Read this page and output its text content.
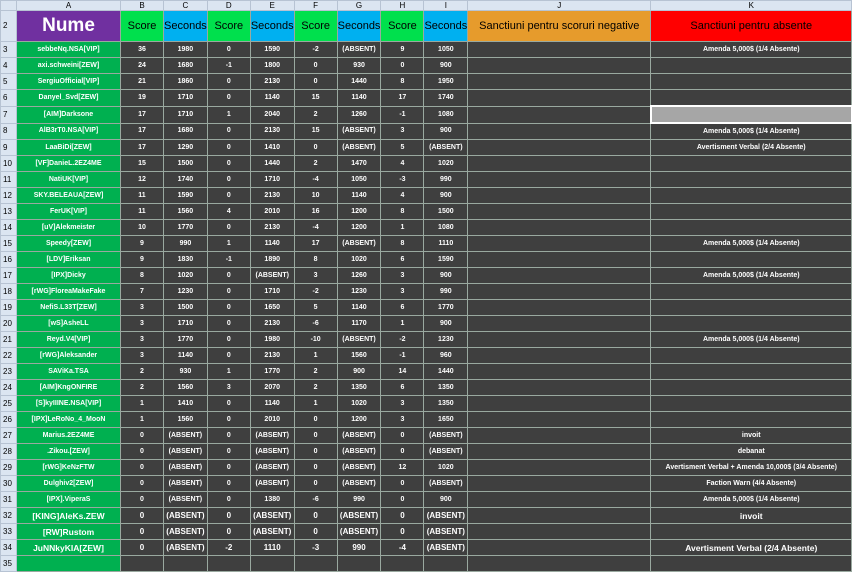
	A	B	C	D	E	F	G	H	I	J	K
2	Nume	Score	Seconds	Score	Seconds	Score	Seconds	Score	Seconds	Sanctiuni pentru scoruri negative	Sanctiuni pentru absente
3	sebbeNq.NSA[VIP]	36	1980	0	1590	-2	(ABSENT)	9	1050		Amenda 5,000$ (1/4 Absente)
4	axi.schweini[ZEW]	24	1680	-1	1800	0	930	0	900		
5	SergiuOfficial[VIP]	21	1860	0	2130	0	1440	8	1950		
6	Danyel_Svd[ZEW]	19	1710	0	1140	15	1140	17	1740		
7	[AIM]Darksone	17	1710	1	2040	2	1260	-1	1080		
8	AlB3rT0.NSA[VIP]	17	1680	0	2130	15	(ABSENT)	3	900		Amenda 5,000$ (1/4 Absente)
9	LaaBiDi[ZEW]	17	1290	0	1410	0	(ABSENT)	5	(ABSENT)		Avertisment Verbal (2/4 Absente)
10	[VF]DanieL.2EZ4ME	15	1500	0	1440	2	1470	4	1020		
11	NatiUK[VIP]	12	1740	0	1710	-4	1050	-3	990		
12	SKY.BELEAUA[ZEW]	11	1590	0	2130	10	1140	4	900		
13	FerUK[VIP]	11	1560	4	2010	16	1200	8	1500		
14	[uV]Alekmeister	10	1770	0	2130	-4	1200	1	1080		
15	Speedy[ZEW]	9	990	1	1140	17	(ABSENT)	8	1110		Amenda 5,000$ (1/4 Absente)
16	[LDV]Eriksan	9	1830	-1	1890	8	1020	6	1590		
17	[IPX]Dicky	8	1020	0	(ABSENT)	3	1260	3	900		Amenda 5,000$ (1/4 Absente)
18	[rWG]FloreaMakeFake	7	1230	0	1710	-2	1230	3	990		
19	NefiS.L33T[ZEW]	3	1500	0	1650	5	1140	6	1770		
20	[wS]AsheLL	3	1710	0	2130	-6	1170	1	900		
21	Reyd.V4[VIP]	3	1770	0	1980	-10	(ABSENT)	-2	1230		Amenda 5,000$ (1/4 Absente)
22	[rWG]Aleksander	3	1140	0	2130	1	1560	-1	960		
23	SAViKa.TSA	2	930	1	1770	2	900	14	1440		
24	[AIM]KngONFIRE	2	1560	3	2070	2	1350	6	1350		
25	[S]kyIIINE.NSA[VIP]	1	1410	0	1140	1	1020	3	1350		
26	[IPX]LeRoNo_4_MooN	1	1560	0	2010	0	1200	3	1650		
27	Marius.2EZ4ME	0	(ABSENT)	0	(ABSENT)	0	(ABSENT)	0	(ABSENT)		invoit
28	.Zikou.[ZEW]	0	(ABSENT)	0	(ABSENT)	0	(ABSENT)	0	(ABSENT)		debanat
29	[rWG]KeNzFTW	0	(ABSENT)	0	(ABSENT)	0	(ABSENT)	12	1020		Avertisment Verbal + Amenda 10,000$ (3/4 Absente)
30	Dulghiv2[ZEW]	0	(ABSENT)	0	(ABSENT)	0	(ABSENT)	0	(ABSENT)		Faction Warn (4/4 Absente)
31	[IPX].ViperaS	0	(ABSENT)	0	1380	-6	990	0	900		Amenda 5,000$ (1/4 Absente)
32	[KING]AleKs.ZEW	0	(ABSENT)	0	(ABSENT)	0	(ABSENT)	0	(ABSENT)		invoit
33	[RW]Rustom	0	(ABSENT)	0	(ABSENT)	0	(ABSENT)	0	(ABSENT)		
34	JuNNkyKIA[ZEW]	0	(ABSENT)	-2	1110	-3	990	-4	(ABSENT)		Avertisment Verbal (2/4 Absente)
35											
